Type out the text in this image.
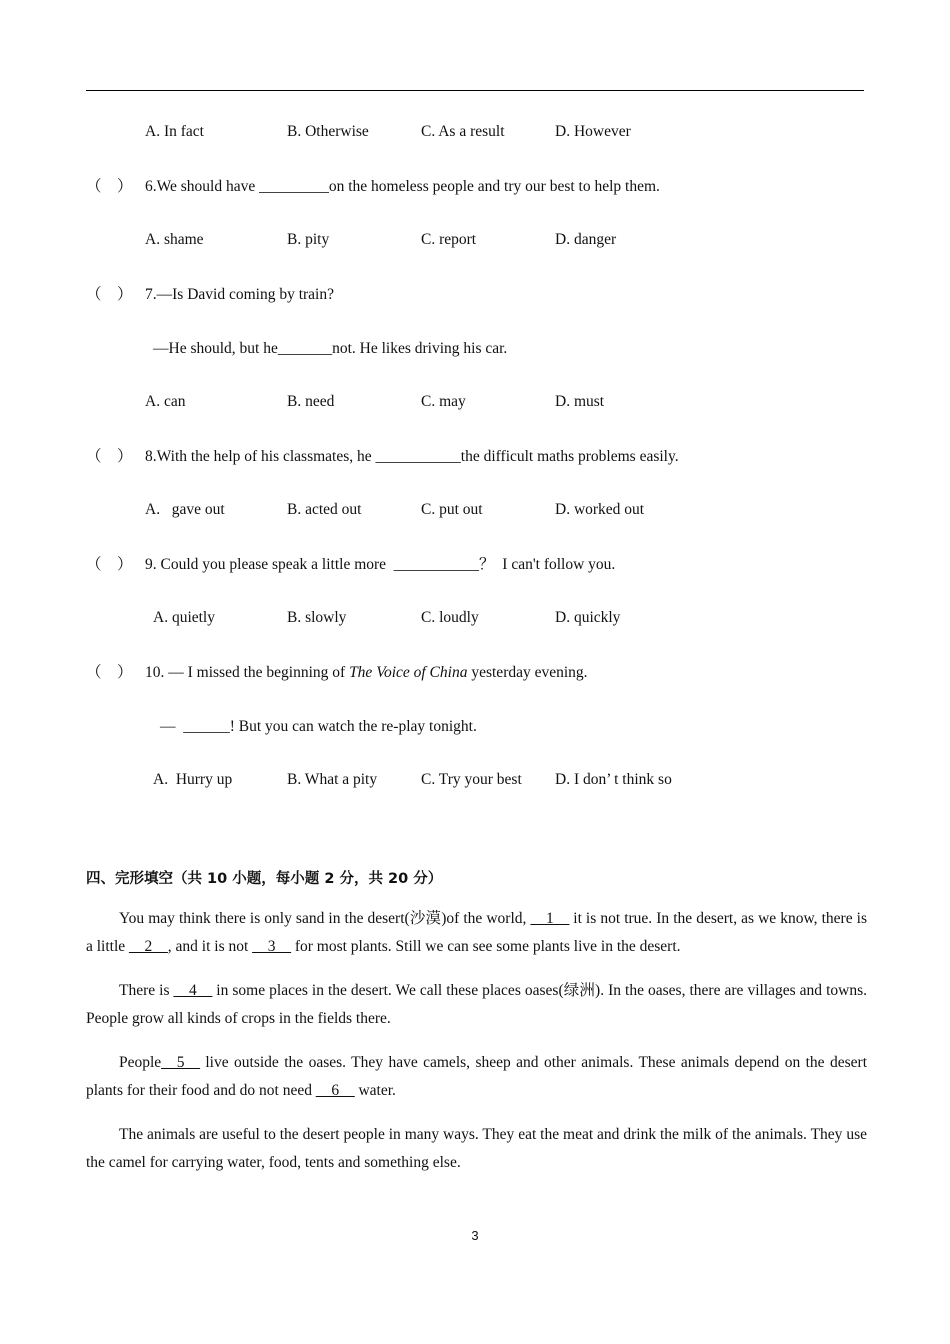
A. In fact	B. Otherwise	C. As a result	D. However
（    ） 6.We should have _________on the homeless people and try our best to help them.
A. shame	B. pity	C. report	D. danger
（    ） 7.—Is David coming by train?
—He should, but he_______not. He likes driving his car.
A. can	B. need	C. may	D. must
（    ） 8.With the help of his classmates, he ___________the difficult maths problems easily.
A.   gave out	B. acted out	C. put out	D. worked out
（    ） 9. Could you please speak a little more  ___________？  I can't follow you.
A. quietly	B. slowly	C. loudly	D. quickly
（    ） 10. — I missed the beginning of The Voice of China yesterday evening.
—  ______! But you can watch the re-play tonight.
A.  Hurry up	B. What a pity	C. Try your best D. I don’ t think so
四、完形填空（共 10 小题，每小题 2 分，共 20 分）
You may think there is only sand in the desert(沙漠)of the world, __1__ it is not true. In the desert, as we know, there is a little __2__, and it is not __3__ for most plants. Still we can see some plants live in the desert.
There is __4__ in some places in the desert. We call these places oases(绿洲). In the oases, there are villages and towns. People grow all kinds of crops in the fields there.
People__5__ live outside the oases. They have camels, sheep and other animals. These animals depend on the desert plants for their food and do not need __6__ water.
The animals are useful to the desert people in many ways. They eat the meat and drink the milk of the animals. They use the camel for carrying water, food, tents and something else.
3
